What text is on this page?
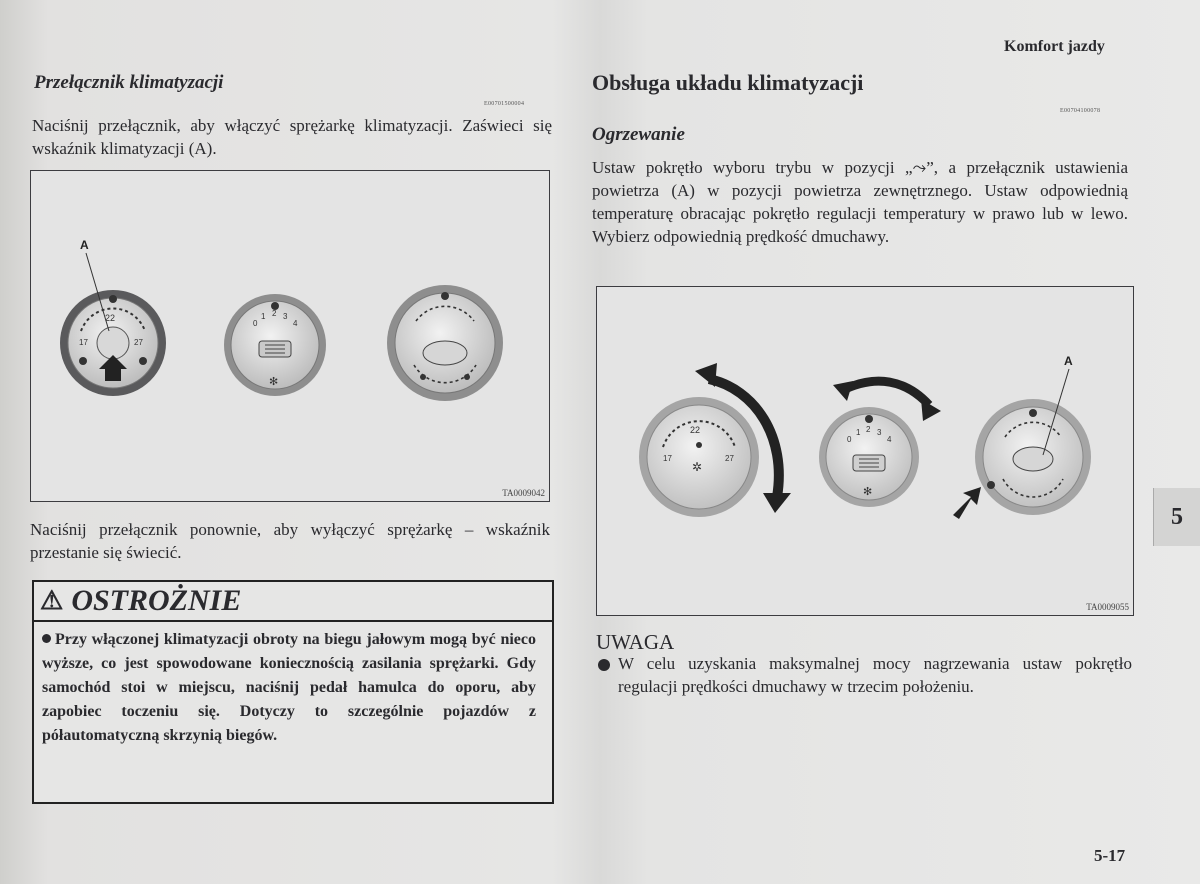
Przełącznik klimatyzacji
E00701500004
Naciśnij przełącznik, aby włączyć sprężarkę klimatyzacji. Zaświeci się wskaźnik klimatyzacji (A).
22
17	27
A
0
1 2 3
4
✻
TA0009042
Naciśnij przełącznik ponownie, aby wyłączyć sprężarkę – wskaźnik przestanie się świecić.
⚠ OSTROŻNIE
Przy włączonej klimatyzacji obroty na biegu jałowym mogą być nieco wyższe, co jest spowodowane koniecznością zasilania sprężarki. Gdy samochód stoi w miejscu, naciśnij pedał hamulca do oporu, aby zapobiec toczeniu się. Dotyczy to szczególnie pojazdów z półautomatyczną skrzynią biegów.
Komfort jazdy
Obsługa układu klimatyzacji
E00704100078
Ogrzewanie
Ustaw pokrętło wyboru trybu w pozycji „⤳”, a przełącznik ustawienia powietrza (A) w pozycji powietrza zewnętrznego. Ustaw odpowiednią temperaturę obracając pokrętło regulacji temperatury w prawo lub w lewo. Wybierz odpowiednią prędkość dmuchawy.
22
17	27
✲
0
1 2 3
4
✻
A
TA0009055
UWAGA
W celu uzyskania maksymalnej mocy nagrzewania ustaw pokrętło regulacji prędkości dmuchawy w trzecim położeniu.
5-17
5
